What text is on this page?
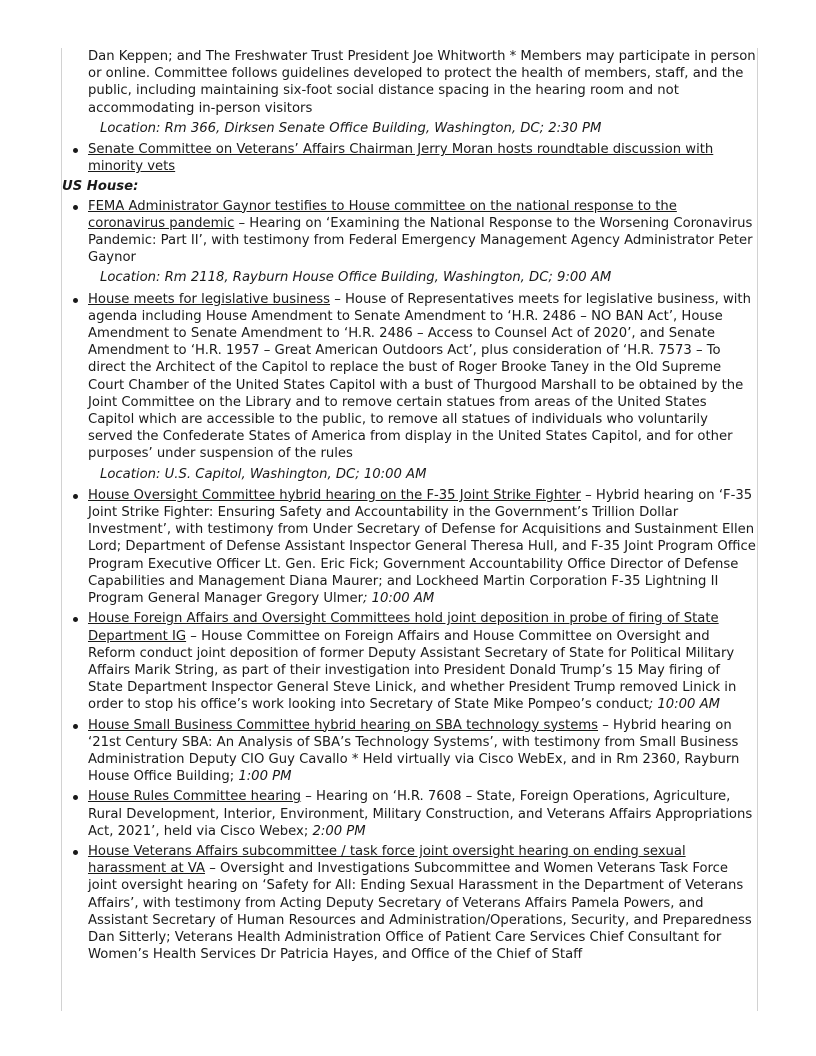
Dan Keppen; and The Freshwater Trust President Joe Whitworth * Members may participate in person or online. Committee follows guidelines developed to protect the health of members, staff, and the public, including maintaining six-foot social distance spacing in the hearing room and not accommodating in-person visitors

Location: Rm 366, Dirksen Senate Office Building, Washington, DC; 2:30 PM

Senate Committee on Veterans’ Affairs Chairman Jerry Moran hosts roundtable discussion with minority vets
US House:
FEMA Administrator Gaynor testifies to House committee on the national response to the coronavirus pandemic – Hearing on ‘Examining the National Response to the Worsening Coronavirus Pandemic: Part II’, with testimony from Federal Emergency Management Agency Administrator Peter Gaynor

Location: Rm 2118, Rayburn House Office Building, Washington, DC; 9:00 AM

House meets for legislative business – House of Representatives meets for legislative business, with agenda including House Amendment to Senate Amendment to ‘H.R. 2486 – NO BAN Act’, House Amendment to Senate Amendment to ‘H.R. 2486 – Access to Counsel Act of 2020’, and Senate Amendment to ‘H.R. 1957 – Great American Outdoors Act’, plus consideration of ‘H.R. 7573 – To direct the Architect of the Capitol to replace the bust of Roger Brooke Taney in the Old Supreme Court Chamber of the United States Capitol with a bust of Thurgood Marshall to be obtained by the Joint Committee on the Library and to remove certain statues from areas of the United States Capitol which are accessible to the public, to remove all statues of individuals who voluntarily served the Confederate States of America from display in the United States Capitol, and for other purposes’ under suspension of the rules

Location: U.S. Capitol, Washington, DC; 10:00 AM

House Oversight Committee hybrid hearing on the F-35 Joint Strike Fighter – Hybrid hearing on ‘F-35 Joint Strike Fighter: Ensuring Safety and Accountability in the Government’s Trillion Dollar Investment’, with testimony from Under Secretary of Defense for Acquisitions and Sustainment Ellen Lord; Department of Defense Assistant Inspector General Theresa Hull, and F-35 Joint Program Office Program Executive Officer Lt. Gen. Eric Fick; Government Accountability Office Director of Defense Capabilities and Management Diana Maurer; and Lockheed Martin Corporation F-35 Lightning II Program General Manager Gregory Ulmer; 10:00 AM
House Foreign Affairs and Oversight Committees hold joint deposition in probe of firing of State Department IG – House Committee on Foreign Affairs and House Committee on Oversight and Reform conduct joint deposition of former Deputy Assistant Secretary of State for Political Military Affairs Marik String, as part of their investigation into President Donald Trump’s 15 May firing of State Department Inspector General Steve Linick, and whether President Trump removed Linick in order to stop his office’s work looking into Secretary of State Mike Pompeo’s conduct; 10:00 AM
House Small Business Committee hybrid hearing on SBA technology systems – Hybrid hearing on ‘21st Century SBA: An Analysis of SBA’s Technology Systems’, with testimony from Small Business Administration Deputy CIO Guy Cavallo * Held virtually via Cisco WebEx, and in Rm 2360, Rayburn House Office Building; 1:00 PM
House Rules Committee hearing – Hearing on ‘H.R. 7608 – State, Foreign Operations, Agriculture, Rural Development, Interior, Environment, Military Construction, and Veterans Affairs Appropriations Act, 2021’, held via Cisco Webex; 2:00 PM
House Veterans Affairs subcommittee / task force joint oversight hearing on ending sexual harassment at VA – Oversight and Investigations Subcommittee and Women Veterans Task Force joint oversight hearing on ‘Safety for All: Ending Sexual Harassment in the Department of Veterans Affairs’, with testimony from Acting Deputy Secretary of Veterans Affairs Pamela Powers, and Assistant Secretary of Human Resources and Administration/Operations, Security, and Preparedness Dan Sitterly; Veterans Health Administration Office of Patient Care Services Chief Consultant for Women’s Health Services Dr Patricia Hayes, and Office of the Chief of Staff
